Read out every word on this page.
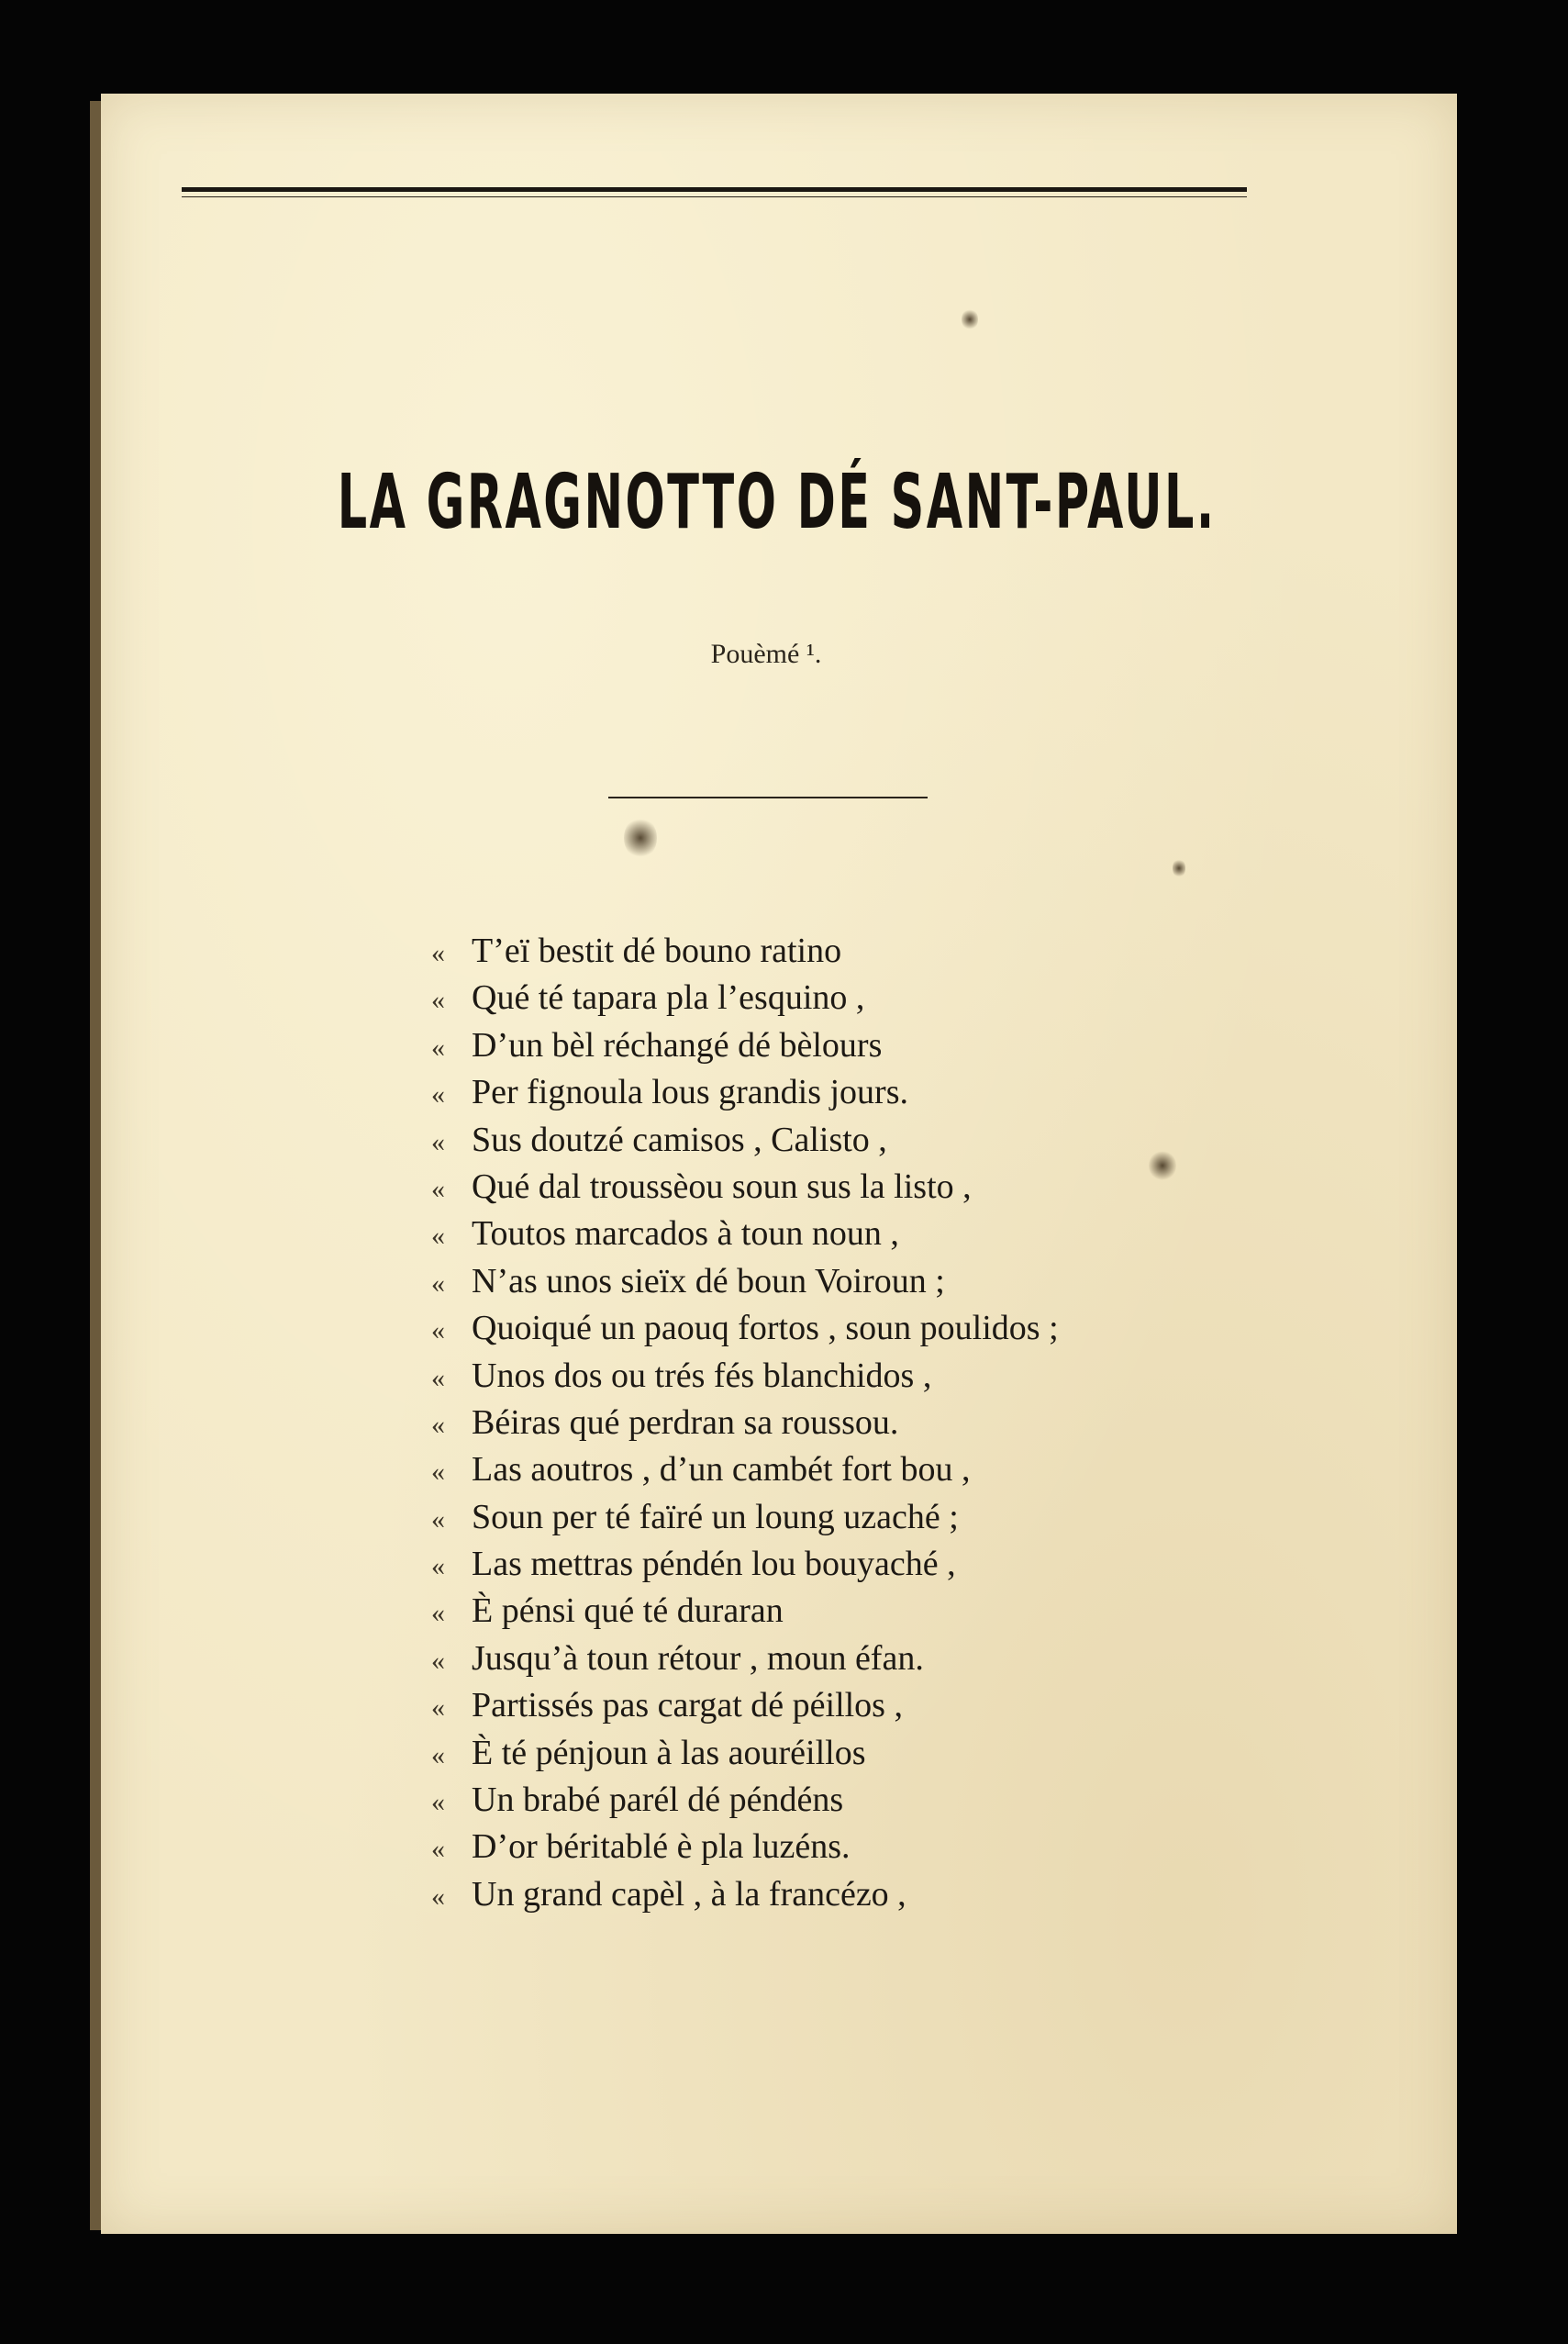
LA GRAGNOTTO DÉ SANT-PAUL.
Pouèmé ¹.
« T’eï bestit dé bouno ratino
« Qué té tapara pla l’esquino ,
« D’un bèl réchangé dé bèlours
« Per fignoula lous grandis jours.
« Sus doutzé camisos , Calisto ,
« Qué dal troussèou soun sus la listo ,
« Toutos marcados à toun noun ,
« N’as unos sieïx dé boun Voiroun ;
« Quoiqué un paouq fortos , soun poulidos ;
« Unos dos ou trés fés blanchidos ,
« Béiras qué perdran sa roussou.
« Las aoutros , d’un cambét fort bou ,
« Soun per té faïré un loung uzaché ;
« Las mettras péndén lou bouyaché ,
« È pénsi qué té duraran
« Jusqu’à toun rétour , moun éfan.
« Partissés pas cargat dé péillos ,
« È té pénjoun à las aouréillos
« Un brabé parél dé péndéns
« D’or béritablé è pla luzéns.
« Un grand capèl , à la francézo ,
